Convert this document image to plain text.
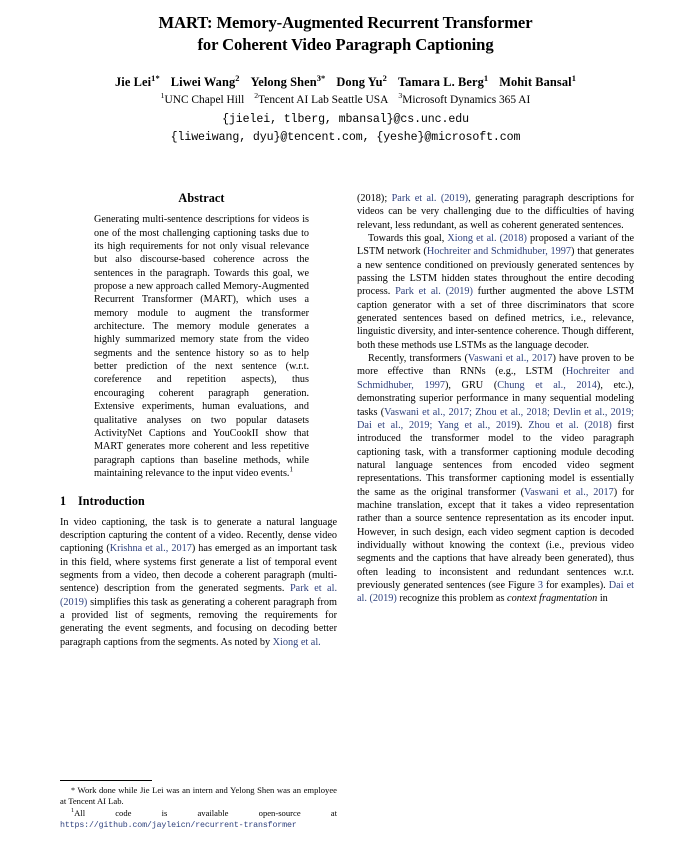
MART: Memory-Augmented Recurrent Transformer
for Coherent Video Paragraph Captioning
Jie Lei$^{1*}$ Liwei Wang$^2$ Yelong Shen$^{3*}$ Dong Yu$^2$ Tamara L. Berg$^1$ Mohit Bansal$^1$
$^1$UNC Chapel Hill $^2$Tencent AI Lab Seattle USA $^3$Microsoft Dynamics 365 AI
{jielei, tlberg, mbansal}@cs.unc.edu
{liweiwang, dyu}@tencent.com, {yeshe}@microsoft.com
Abstract
Generating multi-sentence descriptions for videos is one of the most challenging captioning tasks due to its high requirements for not only visual relevance but also discourse-based coherence across the sentences in the paragraph. Towards this goal, we propose a new approach called Memory-Augmented Recurrent Transformer (MART), which uses a memory module to augment the transformer architecture. The memory module generates a highly summarized memory state from the video segments and the sentence history so as to help better prediction of the next sentence (w.r.t. coreference and repetition aspects), thus encouraging coherent paragraph generation. Extensive experiments, human evaluations, and qualitative analyses on two popular datasets ActivityNet Captions and YouCookII show that MART generates more coherent and less repetitive paragraph captions than baseline methods, while maintaining relevance to the input video events.$^1$
1 Introduction

In video captioning, the task is to generate a natural language description capturing the content of a video. Recently, dense video captioning (Krishna et al., 2017) has emerged as an important task in this field, where systems first generate a list of temporal event segments from a video, then decode a coherent paragraph (multi-sentence) description from the generated segments. Park et al. (2019) simplifies this task as generating a coherent paragraph from a provided list of segments, removing the requirements for generating the event segments, and focusing on decoding better paragraph captions from the segments. As noted by Xiong et al.

(2018); Park et al. (2019), generating paragraph descriptions for videos can be very challenging due to the difficulties of having relevant, less redundant, as well as coherent generated sentences.

Towards this goal, Xiong et al. (2018) proposed a variant of the LSTM network (Hochreiter and Schmidhuber, 1997) that generates a new sentence conditioned on previously generated sentences by passing the LSTM hidden states throughout the entire decoding process. Park et al. (2019) further augmented the above LSTM caption generator with a set of three discriminators that score generated sentences based on defined metrics, i.e., relevance, linguistic diversity, and inter-sentence coherence. Though different, both these methods use LSTMs as the language decoder.

Recently, transformers (Vaswani et al., 2017) have proven to be more effective than RNNs (e.g., LSTM (Hochreiter and Schmidhuber, 1997), GRU (Chung et al., 2014), etc.), demonstrating superior performance in many sequential modeling tasks (Vaswani et al., 2017; Zhou et al., 2018; Devlin et al., 2019; Dai et al., 2019; Yang et al., 2019). Zhou et al. (2018) first introduced the transformer model to the video paragraph captioning task, with a transformer captioning module decoding natural language sentences from encoded video segment representations. This transformer captioning model is essentially the same as the original transformer (Vaswani et al., 2017) for machine translation, except that it takes a video representation rather than a source sentence representation as its encoder input. However, in such design, each video segment caption is decoded individually without knowing the context (i.e., previous video segments and the captions that have already been generated), thus often leading to inconsistent and redundant sentences w.r.t. previously generated sentences (see Figure 3 for examples). Dai et al. (2019) recognize this problem as context fragmentation in

* Work done while Jie Lei was an intern and Yelong Shen was an employee at Tencent AI Lab.

$^1$All code is available open-source at https://github.com/jayleicn/recurrent-transformer
